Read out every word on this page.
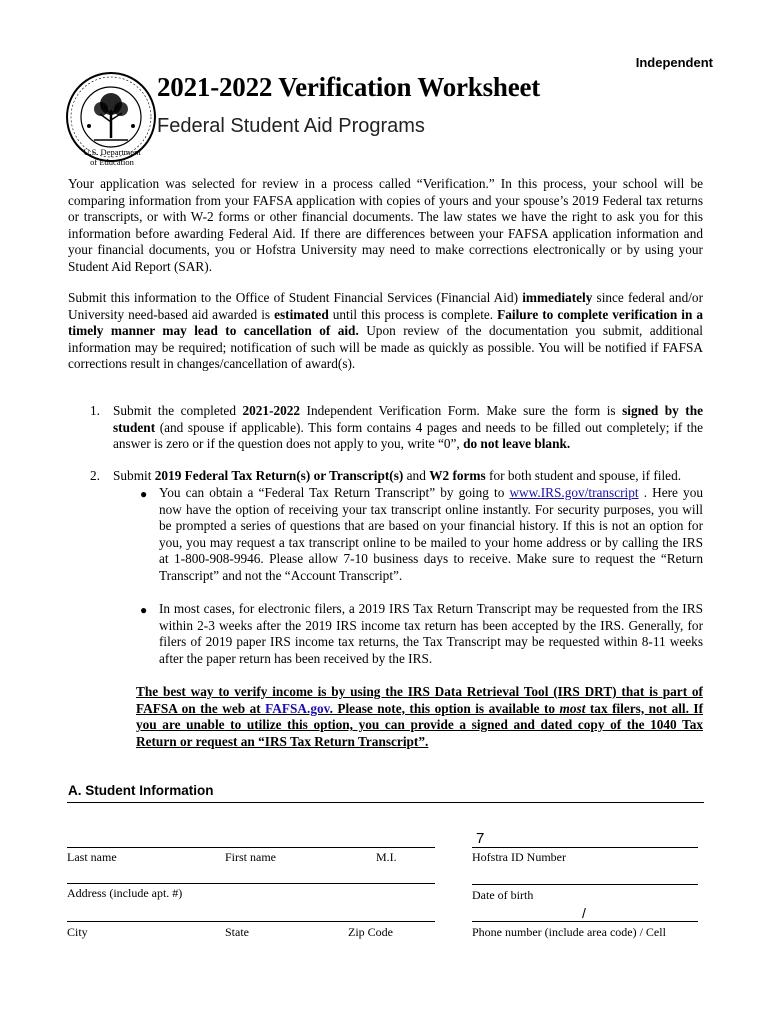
Independent
2021-2022 Verification Worksheet
Federal Student Aid Programs
U.S. Department
of Education
Your application was selected for review in a process called “Verification.” In this process, your school will be comparing information from your FAFSA application with copies of yours and your spouse’s 2019 Federal tax returns or transcripts, or with W-2 forms or other financial documents. The law states we have the right to ask you for this information before awarding Federal Aid. If there are differences between your FAFSA application information and your financial documents, you or Hofstra University may need to make corrections electronically or by using your Student Aid Report (SAR).
Submit this information to the Office of Student Financial Services (Financial Aid) immediately since federal and/or University need-based aid awarded is estimated until this process is complete. Failure to complete verification in a timely manner may lead to cancellation of aid. Upon review of the documentation you submit, additional information may be required; notification of such will be made as quickly as possible. You will be notified if FAFSA corrections result in changes/cancellation of award(s).
1. Submit the completed 2021-2022 Independent Verification Form. Make sure the form is signed by the student (and spouse if applicable). This form contains 4 pages and needs to be filled out completely; if the answer is zero or if the question does not apply to you, write “0”, do not leave blank.
2. Submit 2019 Federal Tax Return(s) or Transcript(s) and W2 forms for both student and spouse, if filed.
● You can obtain a “Federal Tax Return Transcript” by going to www.IRS.gov/transcript . Here you now have the option of receiving your tax transcript online instantly. For security purposes, you will be prompted a series of questions that are based on your financial history. If this is not an option for you, you may request a tax transcript online to be mailed to your home address or by calling the IRS at 1-800-908-9946. Please allow 7-10 business days to receive. Make sure to request the “Return Transcript” and not the “Account Transcript”.
● In most cases, for electronic filers, a 2019 IRS Tax Return Transcript may be requested from the IRS within 2-3 weeks after the 2019 IRS income tax return has been accepted by the IRS. Generally, for filers of 2019 paper IRS income tax returns, the Tax Transcript may be requested within 8-11 weeks after the paper return has been received by the IRS.
The best way to verify income is by using the IRS Data Retrieval Tool (IRS DRT) that is part of FAFSA on the web at FAFSA.gov. Please note, this option is available to most tax filers, not all. If you are unable to utilize this option, you can provide a signed and dated copy of the 1040 Tax Return or request an “IRS Tax Return Transcript”.
A. Student Information
Last name	First name	M.I.
7
Hofstra ID Number
Address (include apt. #)	Date of birth
City	State	Zip Code
/
Phone number (include area code) / Cell
